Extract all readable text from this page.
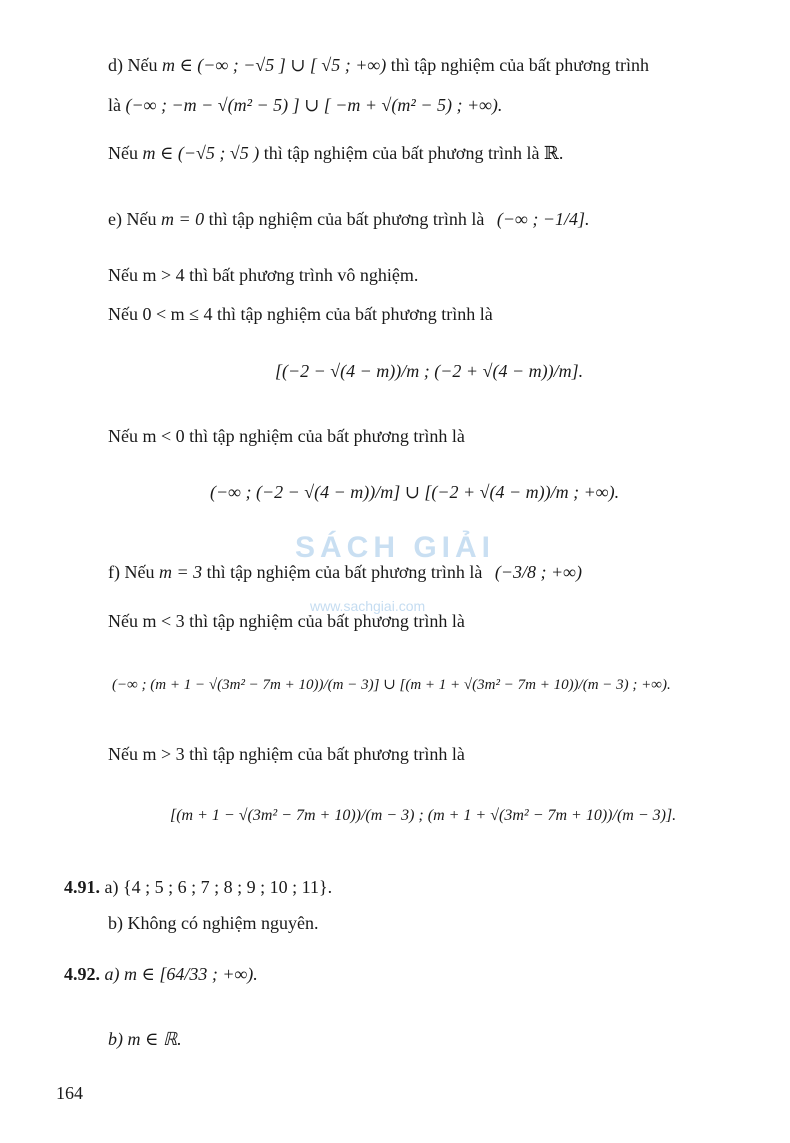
SÁCH GIẢI
www.sachgiai.com
d) Nếu m ∈ (−∞ ; −√5 ] ∪ [ √5 ; +∞) thì tập nghiệm của bất phương trình
là (−∞ ; −m − √(m² − 5) ] ∪ [ −m + √(m² − 5) ; +∞).
Nếu m ∈ (−√5 ; √5 ) thì tập nghiệm của bất phương trình là ℝ.
e) Nếu m = 0 thì tập nghiệm của bất phương trình là (−∞ ; −1/4].
Nếu m > 4 thì bất phương trình vô nghiệm.
Nếu 0 < m ≤ 4 thì tập nghiệm của bất phương trình là
[(−2 − √(4 − m))/m ; (−2 + √(4 − m))/m].
Nếu m < 0 thì tập nghiệm của bất phương trình là
(−∞ ; (−2 − √(4 − m))/m] ∪ [(−2 + √(4 − m))/m ; +∞).
f) Nếu m = 3 thì tập nghiệm của bất phương trình là (−3/8 ; +∞)
Nếu m < 3 thì tập nghiệm của bất phương trình là
(−∞ ; (m + 1 − √(3m² − 7m + 10))/(m − 3)] ∪ [(m + 1 + √(3m² − 7m + 10))/(m − 3) ; +∞).
Nếu m > 3 thì tập nghiệm của bất phương trình là
[(m + 1 − √(3m² − 7m + 10))/(m − 3) ; (m + 1 + √(3m² − 7m + 10))/(m − 3)].
4.91. a) {4 ; 5 ; 6 ; 7 ; 8 ; 9 ; 10 ; 11}.
b) Không có nghiệm nguyên.
4.92. a) m ∈ [64/33 ; +∞).
b) m ∈ ℝ.
164
